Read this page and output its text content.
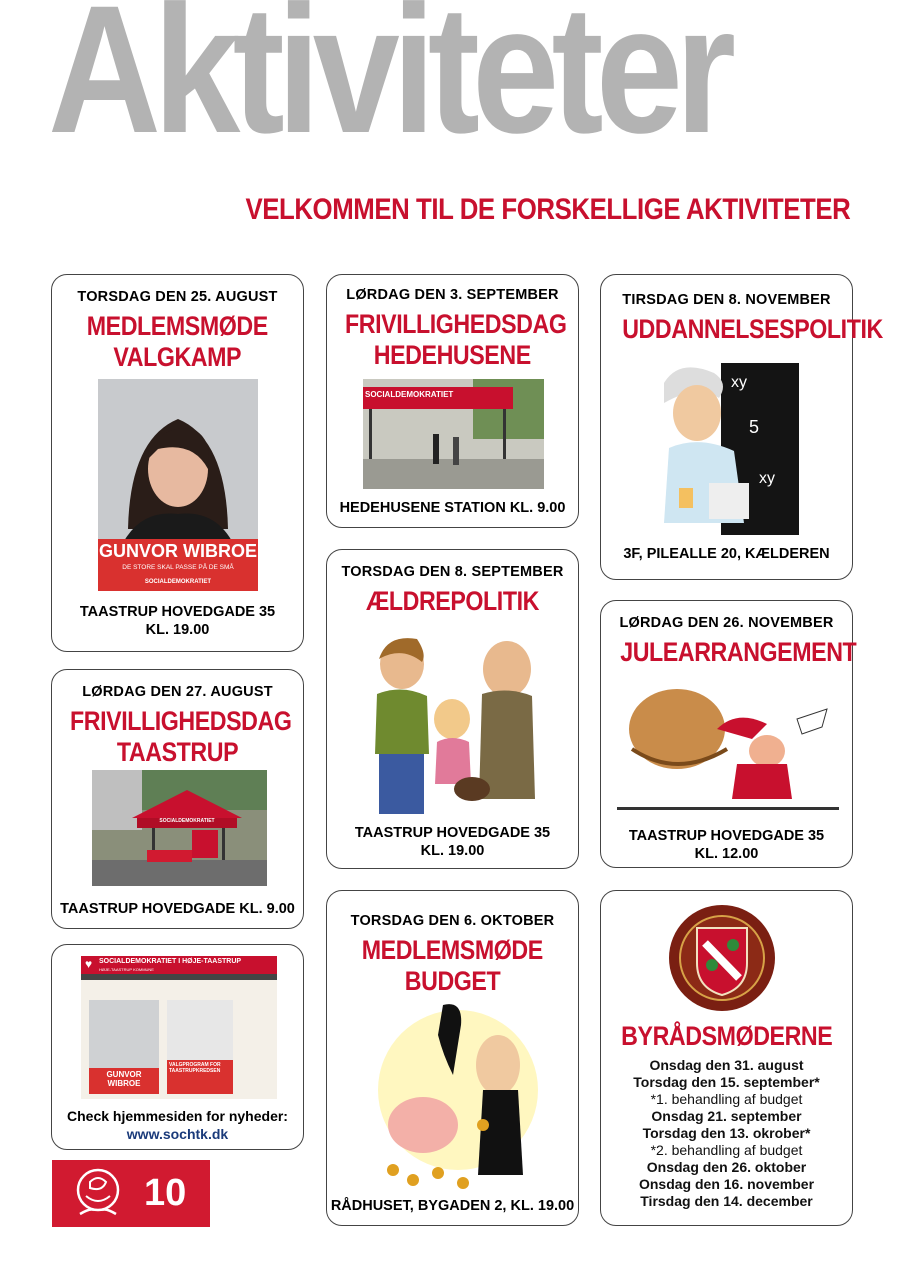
Aktiviteter
VELKOMMEN TIL DE FORSKELLIGE AKTIVITETER
TORSDAG DEN 25. AUGUST
MEDLEMSMØDE
VALGKAMP
GUNVOR WIBROE
DE STORE SKAL PASSE PÅ DE SMÅ
SOCIALDEMOKRATIET
TAASTRUP HOVEDGADE 35
KL. 19.00
LØRDAG DEN 27. AUGUST
FRIVILLIGHEDSDAG
TAASTRUP
SOCIALDEMOKRATIET
TAASTRUP HOVEDGADE KL. 9.00
♥ SOCIALDEMOKRATIET I HØJE-TAASTRUP
HØJE-TAASTRUP KOMMUNE
GUNVOR WIBROE
VALGPROGRAM FOR TAASTRUPKREDSEN
Check hjemmesiden for nyheder:
www.sochtk.dk
LØRDAG DEN 3. SEPTEMBER
FRIVILLIGHEDSDAG
HEDEHUSENE
SOCIALDEMOKRATIET
HEDEHUSENE STATION KL. 9.00
TORSDAG DEN 8. SEPTEMBER
ÆLDREPOLITIK
TAASTRUP HOVEDGADE 35
KL. 19.00
TORSDAG DEN 6. OKTOBER
MEDLEMSMØDE
BUDGET
RÅDHUSET, BYGADEN 2, KL. 19.00
TIRSDAG DEN 8. NOVEMBER
UDDANNELSESPOLITIK
xy
5
xy
3F, PILEALLE 20, KÆLDEREN
LØRDAG DEN 26. NOVEMBER
JULEARRANGEMENT
TAASTRUP HOVEDGADE 35
KL. 12.00
BYRÅDSMØDERNE
Onsdag den 31. august
Torsdag den 15. september*
*1. behandling af budget
Onsdag 21. september
Torsdag den 13. okrober*
*2. behandling af budget
Onsdag den 26. oktober
Onsdag den 16. november
Tirsdag den 14. december
10
